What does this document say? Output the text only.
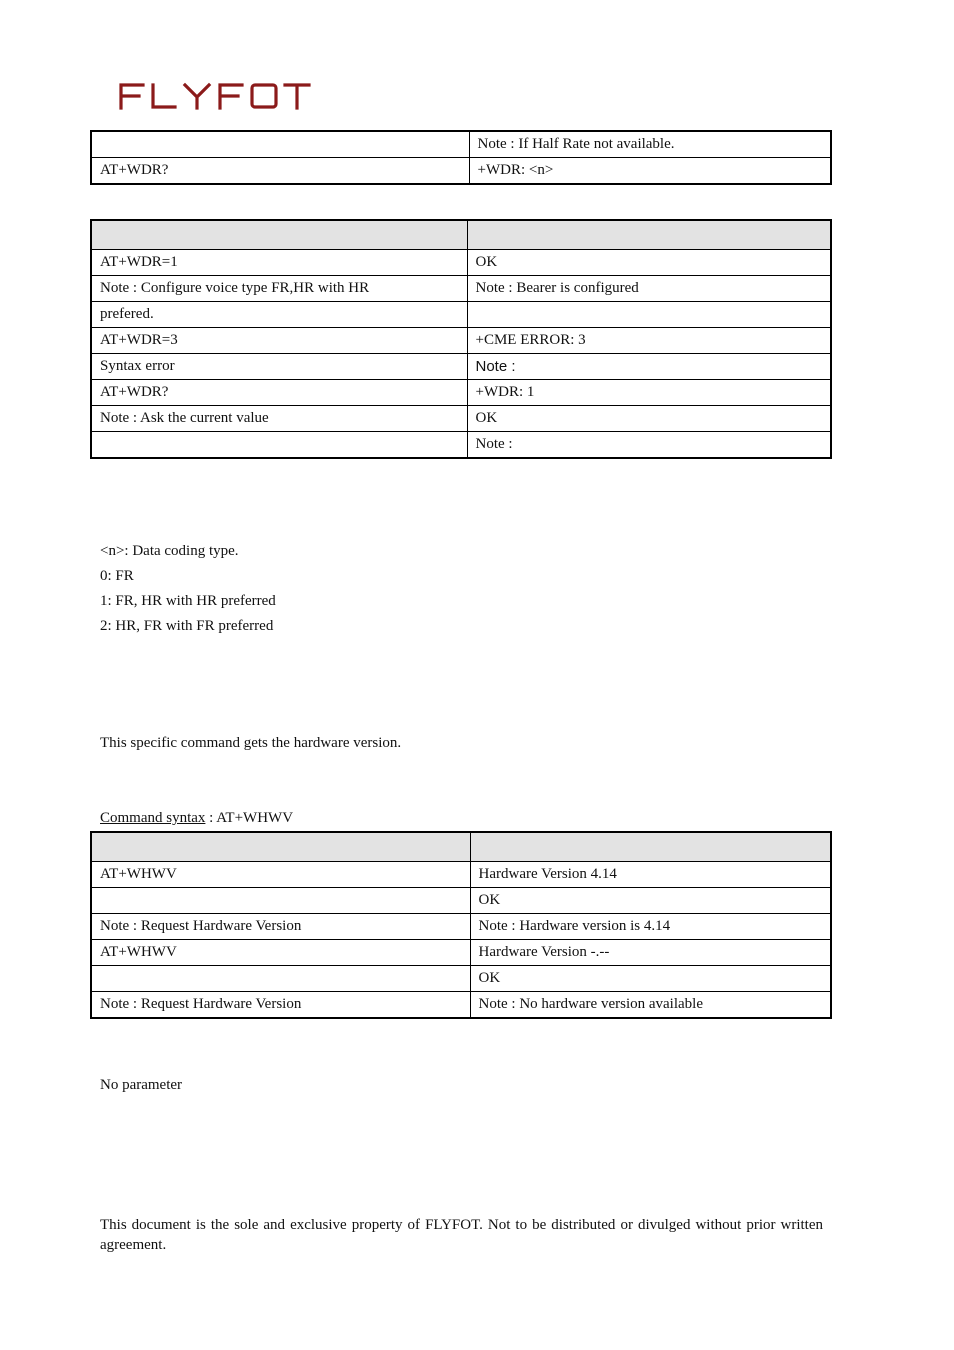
	Note : If Half Rate not available.
AT+WDR?	+WDR: <n>

AT+WDR=1	OK
Note : Configure voice type FR,HR with HR	Note : Bearer is configured
prefered.	
AT+WDR=3	+CME ERROR: 3
Syntax error	Note :
AT+WDR?	+WDR: 1
Note : Ask the current value	OK
	Note :
<n>: Data coding type.
0: FR
1: FR, HR with HR preferred
2: HR, FR with FR preferred
This specific command gets the hardware version.
Command syntax : AT+WHWV

AT+WHWV	Hardware Version 4.14
	OK
Note : Request Hardware Version	Note : Hardware version is 4.14
AT+WHWV	Hardware Version -.--
	OK
Note : Request Hardware Version	Note : No hardware version available
No parameter
This document is the sole and exclusive property of FLYFOT. Not to be distributed or divulged without prior written agreement.
